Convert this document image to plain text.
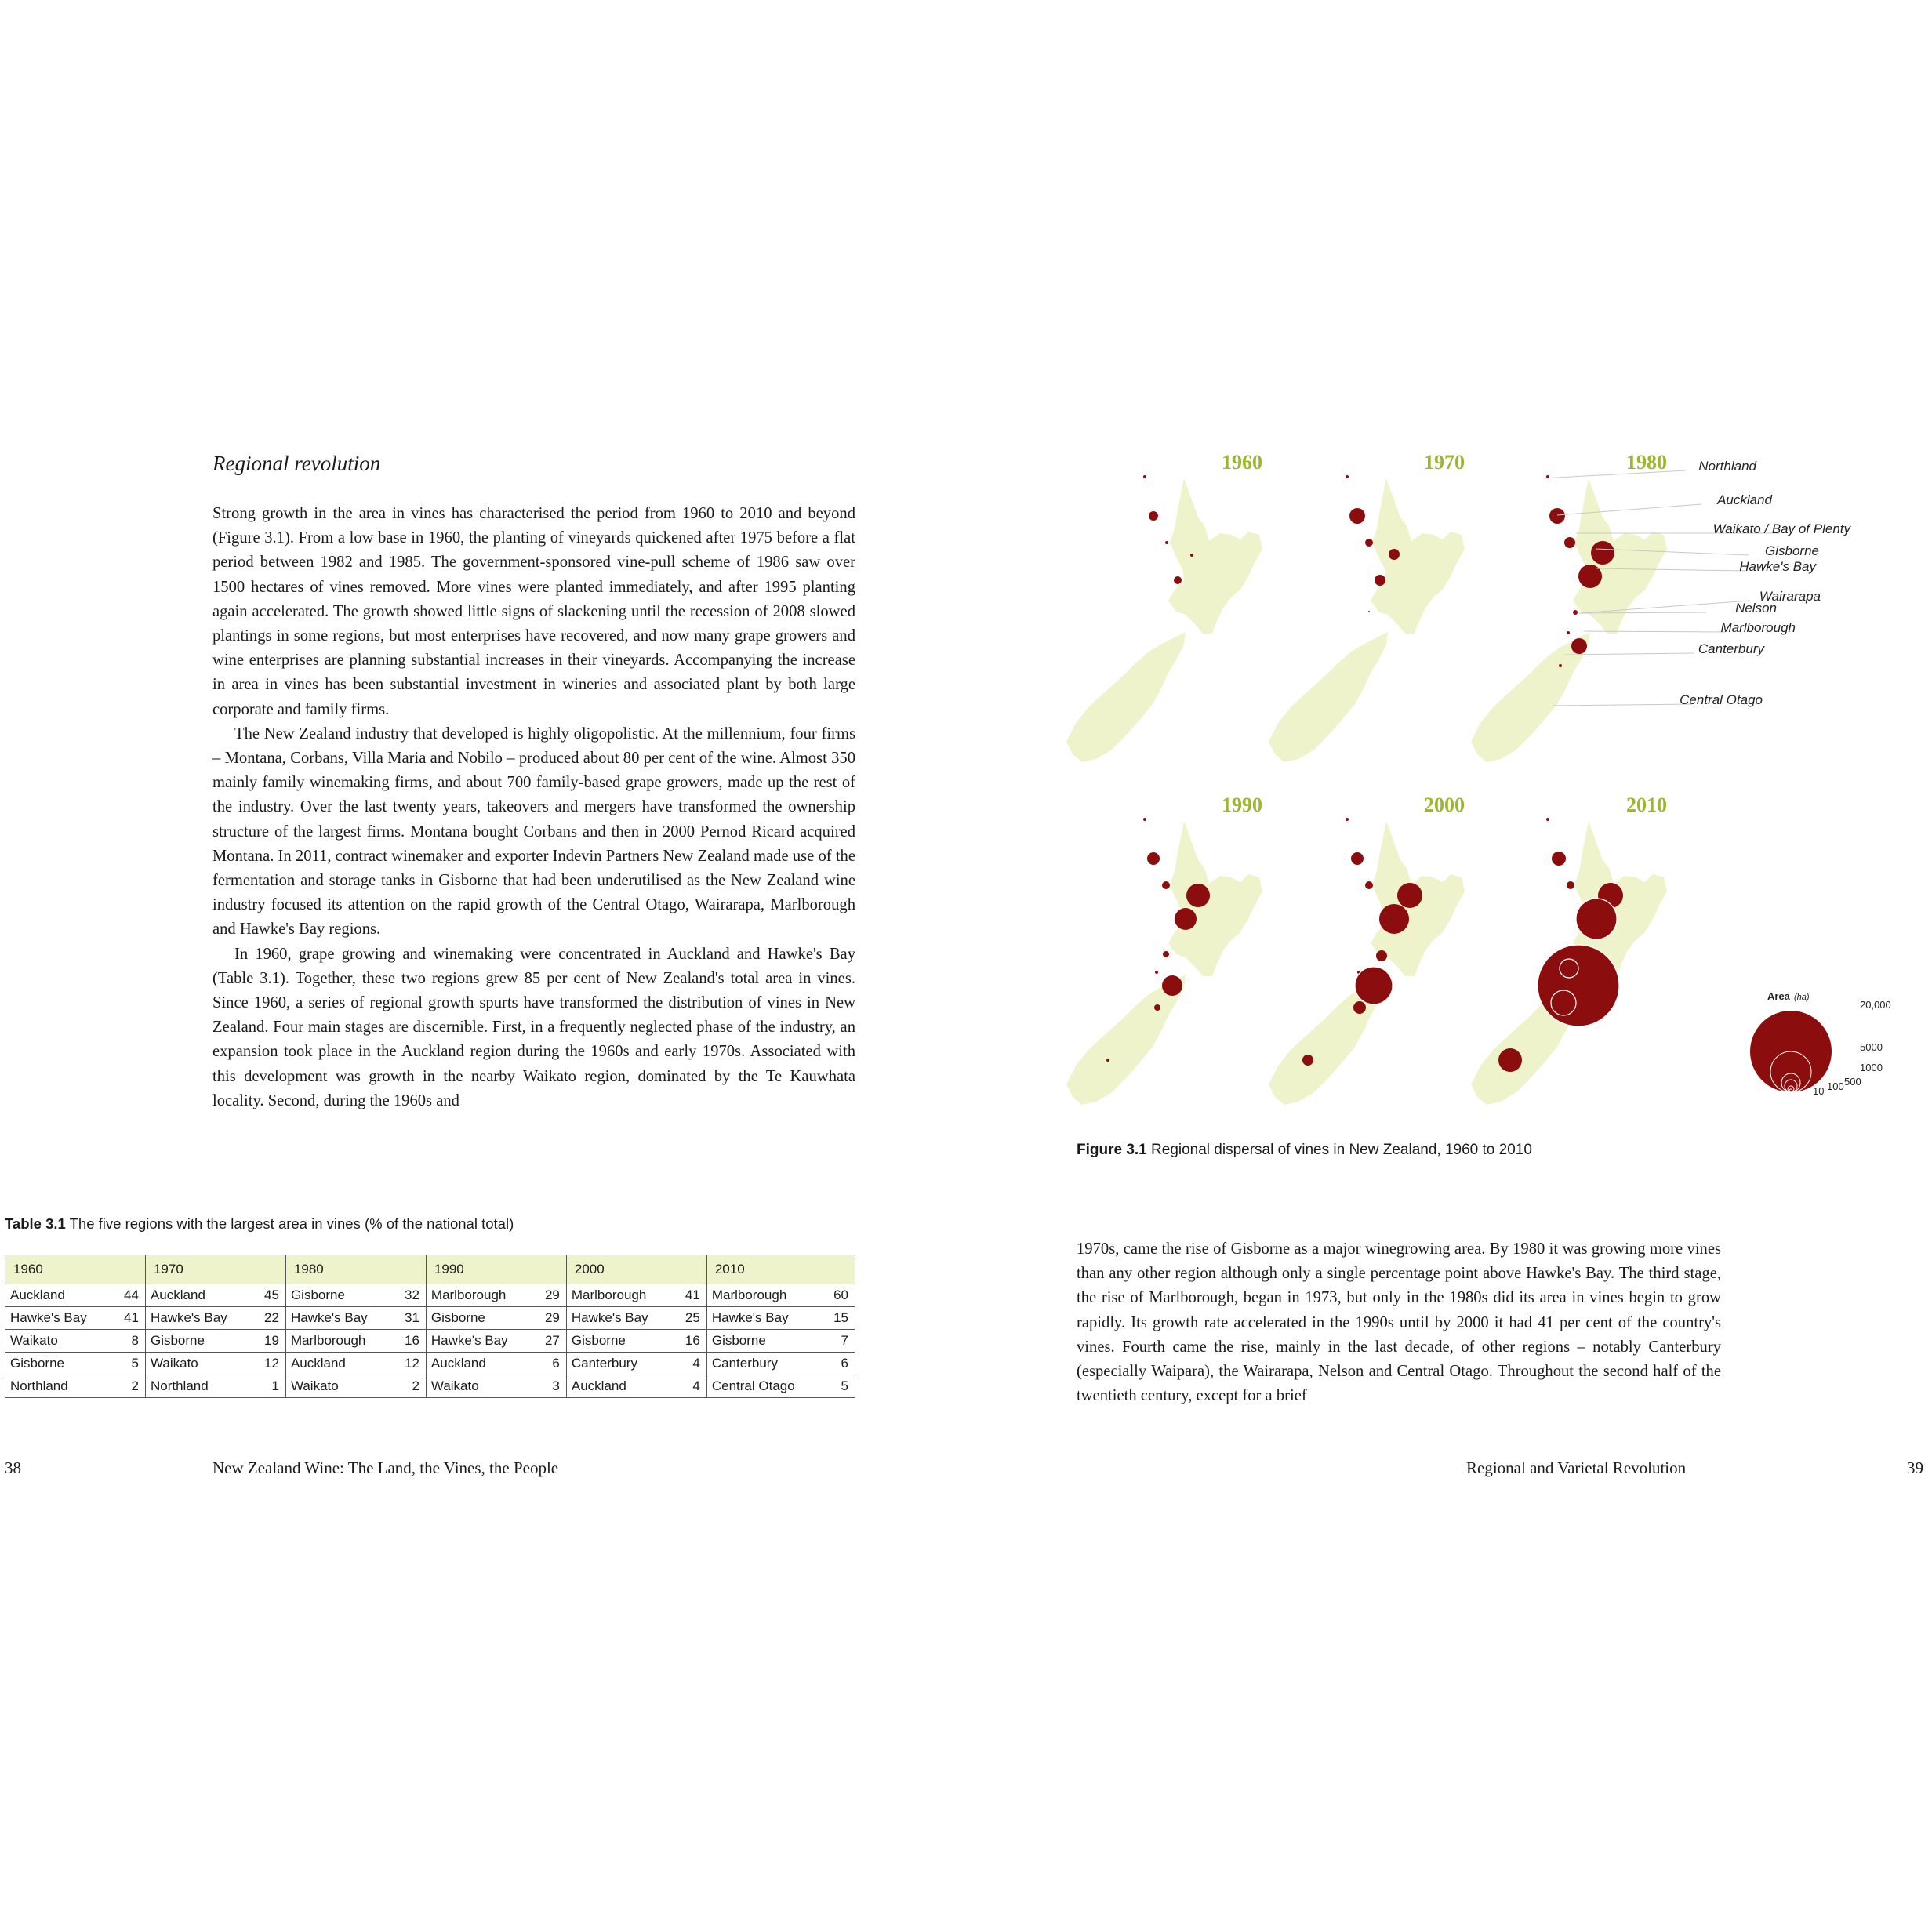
Regional revolution

Strong growth in the area in vines has characterised the period from 1960 to 2010 and beyond (Figure 3.1). From a low base in 1960, the planting of vineyards quickened after 1975 before a flat period between 1982 and 1985. The government-sponsored vine-pull scheme of 1986 saw over 1500 hectares of vines removed. More vines were planted immediately, and after 1995 planting again accelerated. The growth showed little signs of slackening until the recession of 2008 slowed plantings in some regions, but most enterprises have recovered, and now many grape growers and wine enterprises are planning substantial increases in their vineyards. Accompanying the increase in area in vines has been substantial investment in wineries and associated plant by both large corporate and family firms.

The New Zealand industry that developed is highly oligopolistic. At the millennium, four firms – Montana, Corbans, Villa Maria and Nobilo – produced about 80 per cent of the wine. Almost 350 mainly family winemaking firms, and about 700 family-based grape growers, made up the rest of the industry. Over the last twenty years, takeovers and mergers have transformed the ownership structure of the largest firms. Montana bought Corbans and then in 2000 Pernod Ricard acquired Montana. In 2011, contract winemaker and exporter Indevin Partners New Zealand made use of the fermentation and storage tanks in Gisborne that had been underutilised as the New Zealand wine industry focused its attention on the rapid growth of the Central Otago, Wairarapa, Marlborough and Hawke's Bay regions.

In 1960, grape growing and winemaking were concentrated in Auckland and Hawke's Bay (Table 3.1). Together, these two regions grew 85 per cent of New Zealand's total area in vines. Since 1960, a series of regional growth spurts have transformed the distribution of vines in New Zealand. Four main stages are discernible. First, in a frequently neglected phase of the industry, an expansion took place in the Auckland region during the 1960s and early 1970s. Associated with this development was growth in the nearby Waikato region, dominated by the Te Kauwhata locality. Second, during the 1960s and

Table 3.1 The five regions with the largest area in vines (% of the national total)
1960		1970		1980		1990		2000		2010	
Auckland	44	Auckland	45	Gisborne	32	Marlborough	29	Marlborough	41	Marlborough	60
Hawke's Bay	41	Hawke's Bay	22	Hawke's Bay	31	Gisborne	29	Hawke's Bay	25	Hawke's Bay	15
Waikato	8	Gisborne	19	Marlborough	16	Hawke's Bay	27	Gisborne	16	Gisborne	7
Gisborne	5	Waikato	12	Auckland	12	Auckland	6	Canterbury	4	Canterbury	6
Northland	2	Northland	1	Waikato	2	Waikato	3	Auckland	4	Central Otago	5
38	New Zealand Wine: The Land, the Vines, the People
1960	1970	1980
1990	2000	2010
Northland
Auckland
Waikato / Bay of Plenty
Gisborne
Hawke's Bay
Wairarapa
Nelson
Marlborough
Canterbury
Central Otago
Area (ha)
20,000
5000
1000
500
100
10
Figure 3.1 Regional dispersal of vines in New Zealand, 1960 to 2010

1970s, came the rise of Gisborne as a major winegrowing area. By 1980 it was growing more vines than any other region although only a single percentage point above Hawke's Bay. The third stage, the rise of Marlborough, began in 1973, but only in the 1980s did its area in vines begin to grow rapidly. Its growth rate accelerated in the 1990s until by 2000 it had 41 per cent of the country's vines. Fourth came the rise, mainly in the last decade, of other regions – notably Canterbury (especially Waipara), the Wairarapa, Nelson and Central Otago. Throughout the second half of the twentieth century, except for a brief

Regional and Varietal Revolution	39
